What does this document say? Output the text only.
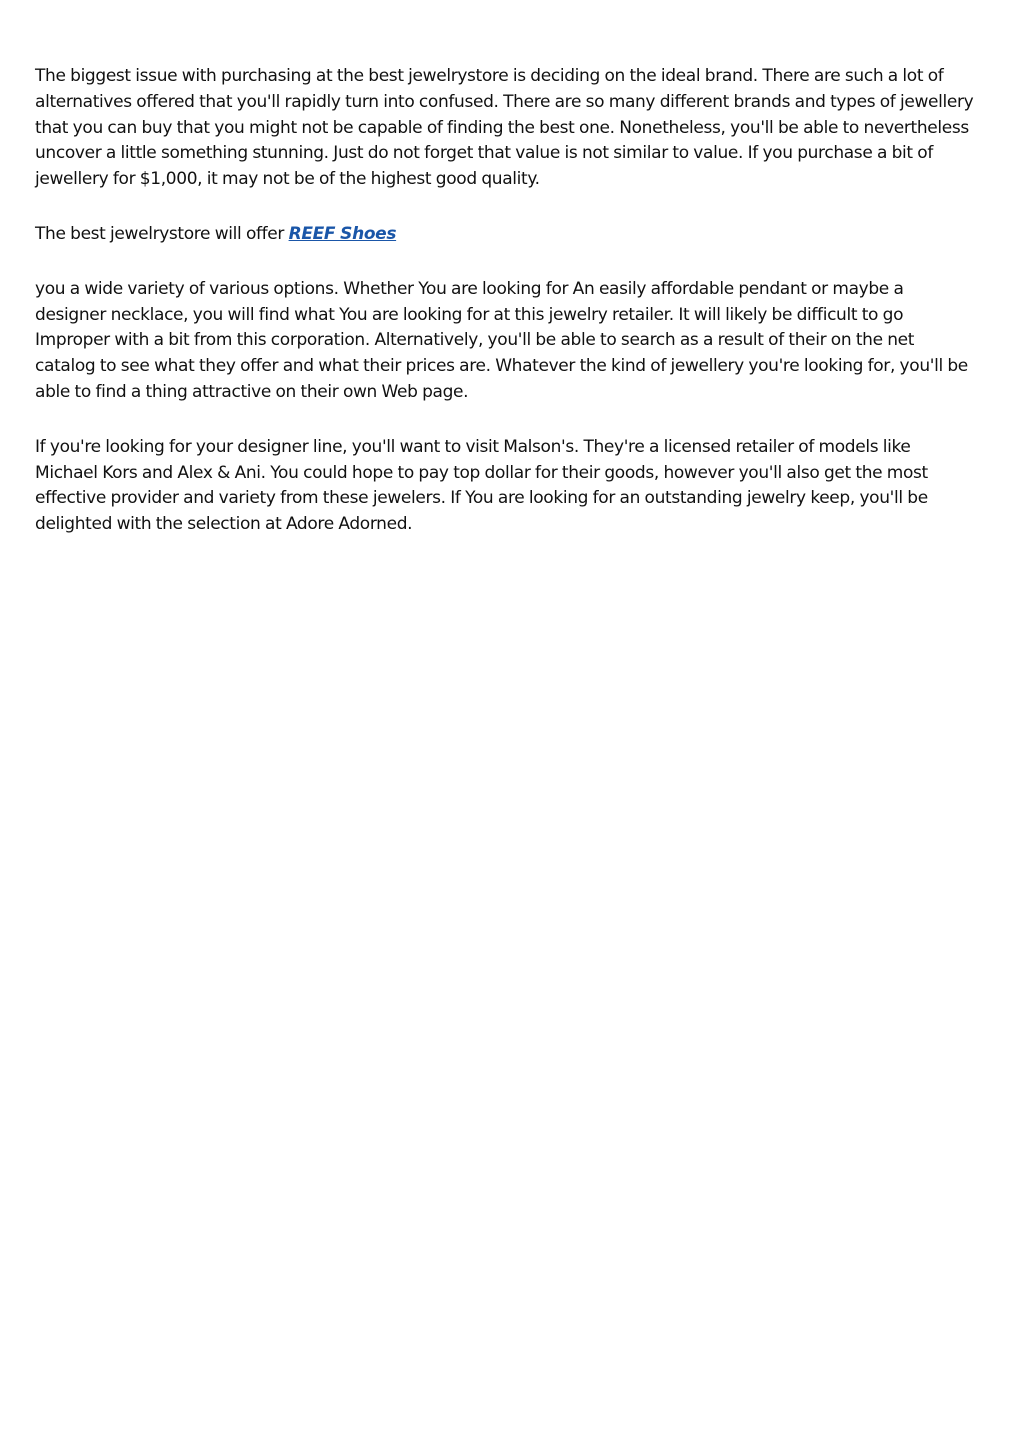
The biggest issue with purchasing at the best jewelrystore is deciding on the ideal brand. There are such a lot of alternatives offered that you'll rapidly turn into confused. There are so many different brands and types of jewellery that you can buy that you might not be capable of finding the best one. Nonetheless, you'll be able to nevertheless uncover a little something stunning. Just do not forget that value is not similar to value. If you purchase a bit of jewellery for $1,000, it may not be of the highest good quality.

The best jewelrystore will offer REEF Shoes

you a wide variety of various options. Whether You are looking for An easily affordable pendant or maybe a designer necklace, you will find what You are looking for at this jewelry retailer. It will likely be difficult to go Improper with a bit from this corporation. Alternatively, you'll be able to search as a result of their on the net catalog to see what they offer and what their prices are. Whatever the kind of jewellery you're looking for, you'll be able to find a thing attractive on their own Web page.

If you're looking for your designer line, you'll want to visit Malson's. They're a licensed retailer of models like Michael Kors and Alex & Ani. You could hope to pay top dollar for their goods, however you'll also get the most effective provider and variety from these jewelers. If You are looking for an outstanding jewelry keep, you'll be delighted with the selection at Adore Adorned.
